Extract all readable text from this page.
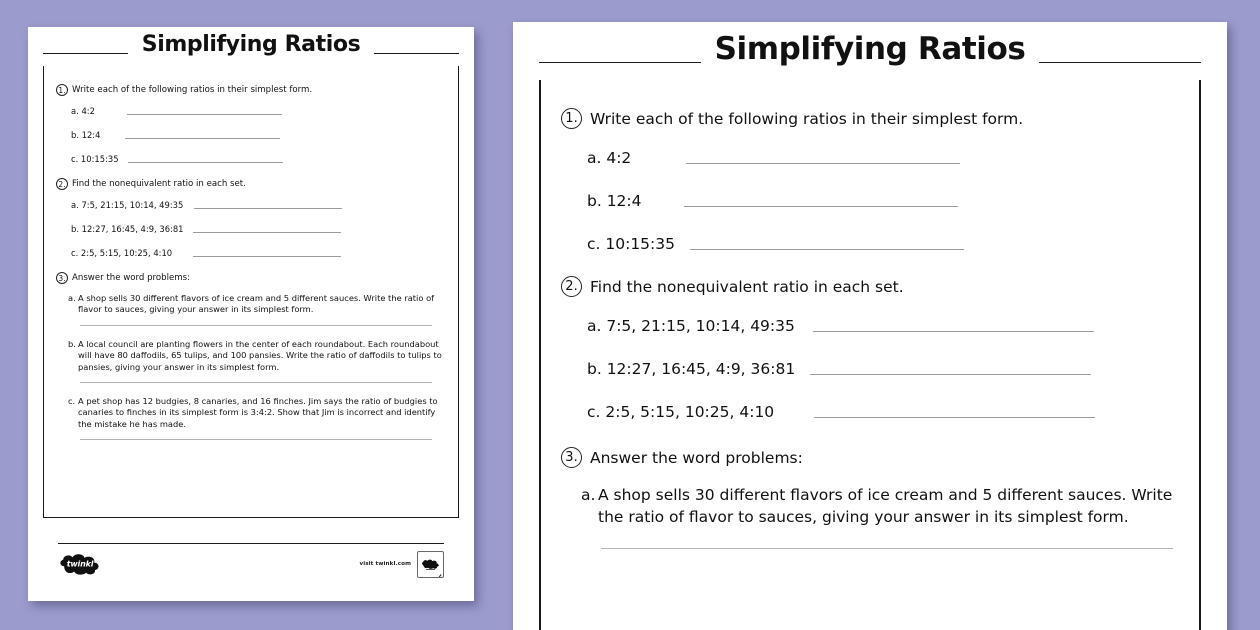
Simplifying Ratios
1. Write each of the following ratios in their simplest form.
a. 4:2
b. 12:4
c. 10:15:35
2. Find the nonequivalent ratio in each set.
a. 7:5, 21:15, 10:14, 49:35
b. 12:27, 16:45, 4:9, 36:81
c. 2:5, 5:15, 10:25, 4:10
3. Answer the word problems:
a. A shop sells 30 different flavors of ice cream and 5 different sauces. Write the ratio of flavor to sauces, giving your answer in its simplest form.
b. A local council are planting flowers in the center of each roundabout. Each roundabout will have 80 daffodils, 65 tulips, and 100 pansies. Write the ratio of daffodils to tulips to pansies, giving your answer in its simplest form.
c. A pet shop has 12 budgies, 8 canaries, and 16 finches. Jim says the ratio of budgies to canaries to finches in its simplest form is 3:4:2. Show that Jim is incorrect and identify the mistake he has made.
twinkl	visit twinkl.com
Simplifying Ratios
1. Write each of the following ratios in their simplest form.
a. 4:2
b. 12:4
c. 10:15:35
2. Find the nonequivalent ratio in each set.
a. 7:5, 21:15, 10:14, 49:35
b. 12:27, 16:45, 4:9, 36:81
c. 2:5, 5:15, 10:25, 4:10
3. Answer the word problems:
a. A shop sells 30 different flavors of ice cream and 5 different sauces. Write the ratio of flavor to sauces, giving your answer in its simplest form.
